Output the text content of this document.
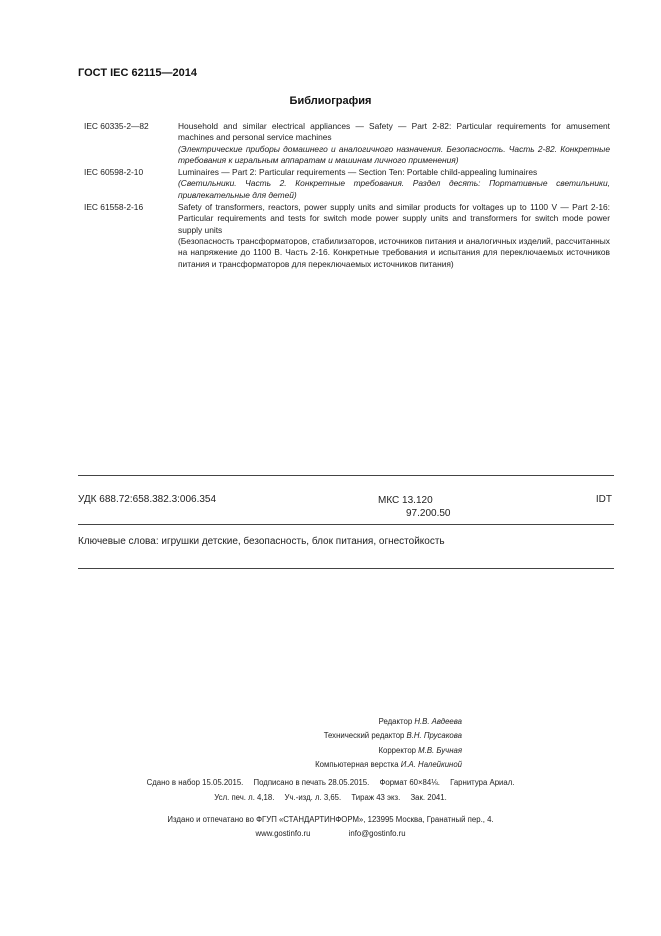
ГОСТ IEC 62115—2014
Библиография
IEC 60335-2—82	Household and similar electrical appliances — Safety — Part 2-82: Particular requirements for amusement machines and personal service machines
(Электрические приборы домашнего и аналогичного назначения. Безопасность. Часть 2-82. Конкретные требования к игральным аппаратам и машинам личного применения)
IEC 60598-2-10	Luminaires — Part 2: Particular requirements — Section Ten: Portable child-appealing luminaires
(Светильники. Часть 2. Конкретные требования. Раздел десять: Портативные светильники, привлекательные для детей)
IEC 61558-2-16	Safety of transformers, reactors, power supply units and similar products for voltages up to 1100 V — Part 2-16: Particular requirements and tests for switch mode power supply units and transformers for switch mode power supply units
(Безопасность трансформаторов, стабилизаторов, источников питания и аналогичных изделий, рассчитанных на напряжение до 1100 В. Часть 2-16. Конкретные требования и испытания для переключаемых источников питания и трансформаторов для переключаемых источников питания)
УДК 688.72:658.382.3:006.354	МКС 13.120
97.200.50
IDT
Ключевые слова: игрушки детские, безопасность, блок питания, огнестойкость
Редактор Н.В. Авдеева
Технический редактор В.Н. Прусакова
Корректор М.В. Бучная
Компьютерная верстка И.А. Налейкиной
Сдано в набор 15.05.2015. Подписано в печать 28.05.2015. Формат 60×84⅛. Гарнитура Ариал.
Усл. печ. л. 4,18. Уч.-изд. л. 3,65. Тираж 43 экз. Зак. 2041.
Издано и отпечатано во ФГУП «СТАНДАРТИНФОРМ», 123995 Москва, Гранатный пер., 4.
www.gostinfo.ru	info@gostinfo.ru
